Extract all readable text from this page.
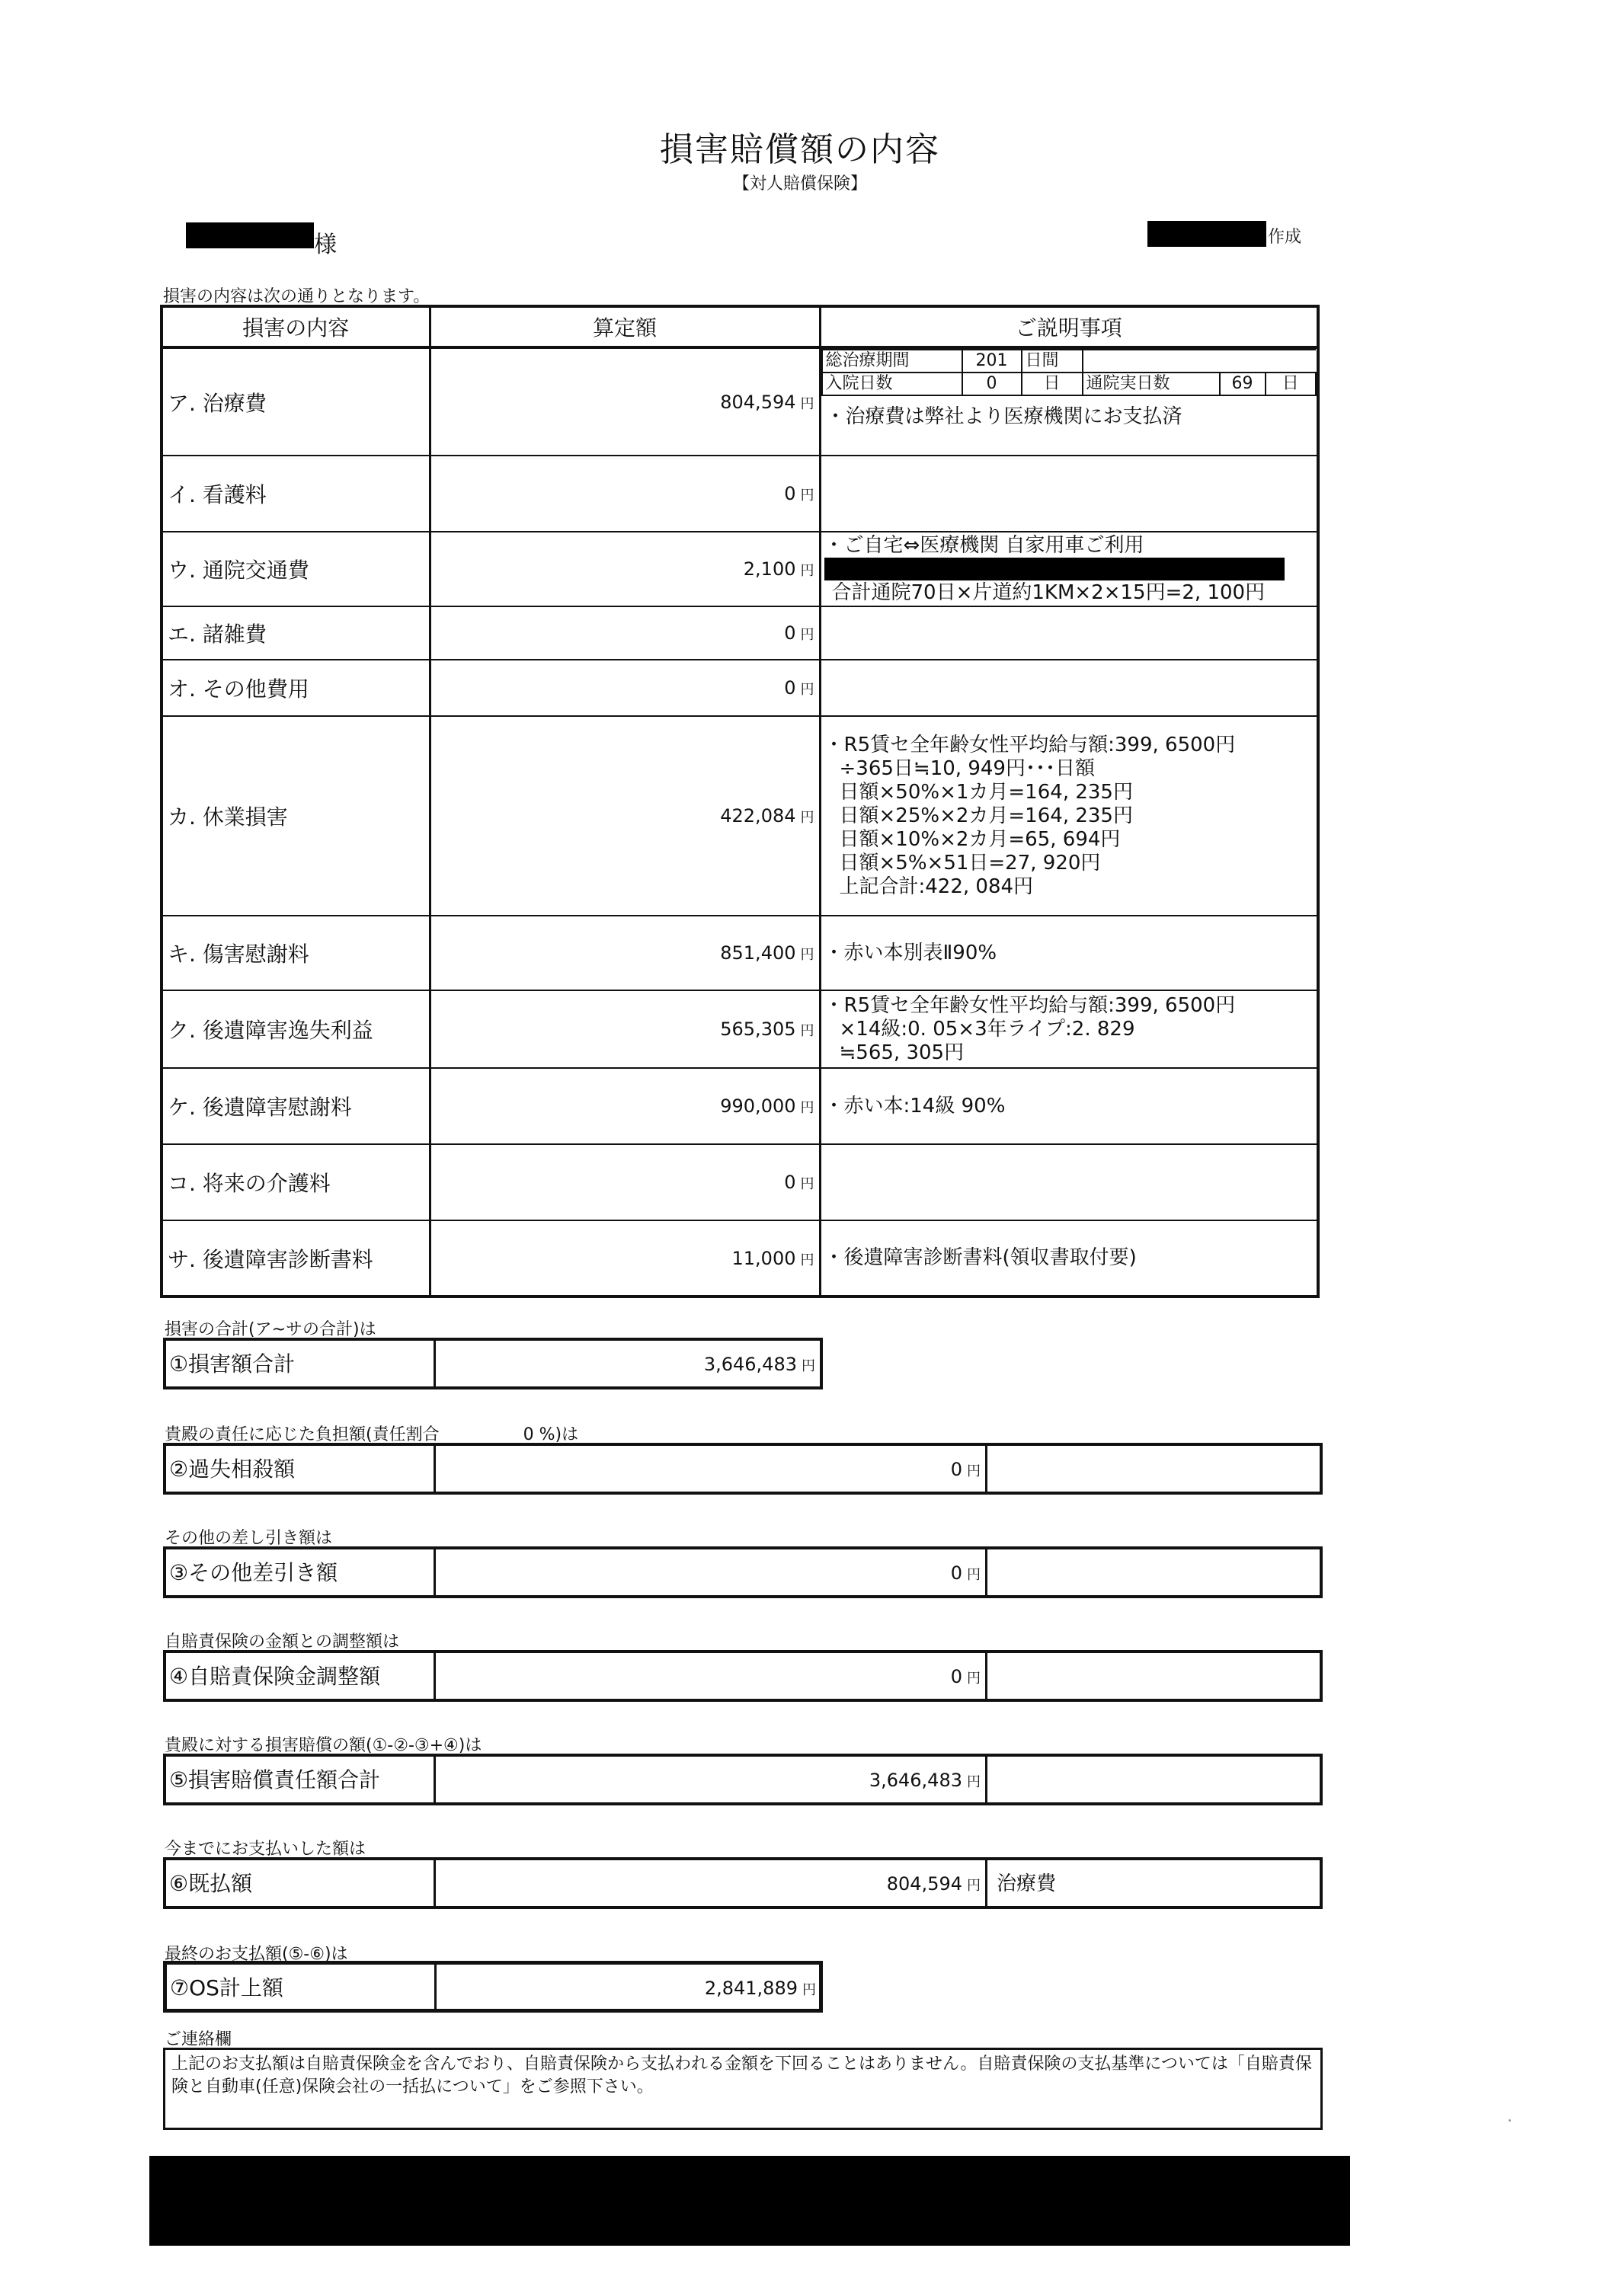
損害賠償額の内容
【対人賠償保険】
様	作成
損害の内容は次の通りとなります。
損害の内容	算定額	ご説明事項
ア. 治療費	804,594 円	
総治療期間	201	日間	
入院日数	0	日	通院実日数	69	日
・治療費は弊社より医療機関にお支払済

イ. 看護料	0 円	
ウ. 通院交通費	2,100 円	
・ご自宅⇔医療機関 自家用車ご利用
合計通院70日×片道約1KM×2×15円=2, 100円

エ. 諸雑費	0 円	
オ. その他費用	0 円	
カ. 休業損害	422,084 円	
・R5賃セ全年齢女性平均給与額:399, 6500円
÷365日≒10, 949円･･･日額
日額×50%×1カ月=164, 235円
日額×25%×2カ月=164, 235円
日額×10%×2カ月=65, 694円
日額×5%×51日=27, 920円
上記合計:422, 084円

キ. 傷害慰謝料	851,400 円	・赤い本別表Ⅱ90%

ク. 後遺障害逸失利益	565,305 円	
・R5賃セ全年齢女性平均給与額:399, 6500円
×14級:0. 05×3年ライプ:2. 829
≒565, 305円

ケ. 後遺障害慰謝料	990,000 円	・赤い本:14級 90%

コ. 将来の介護料	0 円	
サ. 後遺障害診断書料	11,000 円	・後遺障害診断書料(領収書取付要)
損害の合計(ア~サの合計)は
①損害額合計	3,646,483 円
貴殿の責任に応じた負担額(責任割合　　　　　0 %)は
②過失相殺額	0 円
その他の差し引き額は
③その他差引き額	0 円
自賠責保険の金額との調整額は
④自賠責保険金調整額	0 円
貴殿に対する損害賠償の額(①-②-③+④)は
⑤損害賠償責任額合計	3,646,483 円
今までにお支払いした額は
⑥既払額	804,594 円 治療費
最終のお支払額(⑤-⑥)は
⑦OS計上額	2,841,889 円
ご連絡欄
上記のお支払額は自賠責保険金を含んでおり、自賠責保険から支払われる金額を下回ることはありません。自賠責保険の支払基準については「自賠責保険と自動車(任意)保険会社の一括払について」をご参照下さい。
